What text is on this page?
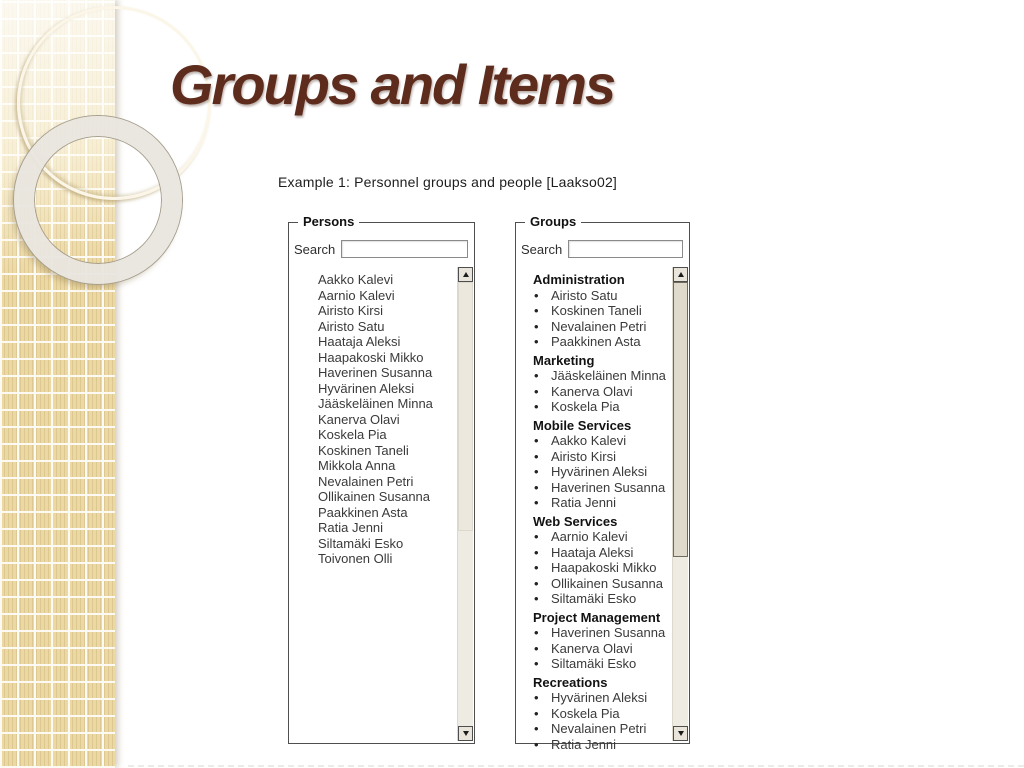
Groups and Items
Example 1: Personnel groups and people [Laakso02]
Persons
Search
Aakko Kalevi
Aarnio Kalevi
Airisto Kirsi
Airisto Satu
Haataja Aleksi
Haapakoski Mikko
Haverinen Susanna
Hyvärinen Aleksi
Jääskeläinen Minna
Kanerva Olavi
Koskela Pia
Koskinen Taneli
Mikkola Anna
Nevalainen Petri
Ollikainen Susanna
Paakkinen Asta
Ratia Jenni
Siltamäki Esko
Toivonen Olli
Groups
Search
Administration
• Airisto Satu
• Koskinen Taneli
• Nevalainen Petri
• Paakkinen Asta
Marketing
• Jääskeläinen Minna
• Kanerva Olavi
• Koskela Pia
Mobile Services
• Aakko Kalevi
• Airisto Kirsi
• Hyvärinen Aleksi
• Haverinen Susanna
• Ratia Jenni
Web Services
• Aarnio Kalevi
• Haataja Aleksi
• Haapakoski Mikko
• Ollikainen Susanna
• Siltamäki Esko
Project Management
• Haverinen Susanna
• Kanerva Olavi
• Siltamäki Esko
Recreations
• Hyvärinen Aleksi
• Koskela Pia
• Nevalainen Petri
• Ratia Jenni
